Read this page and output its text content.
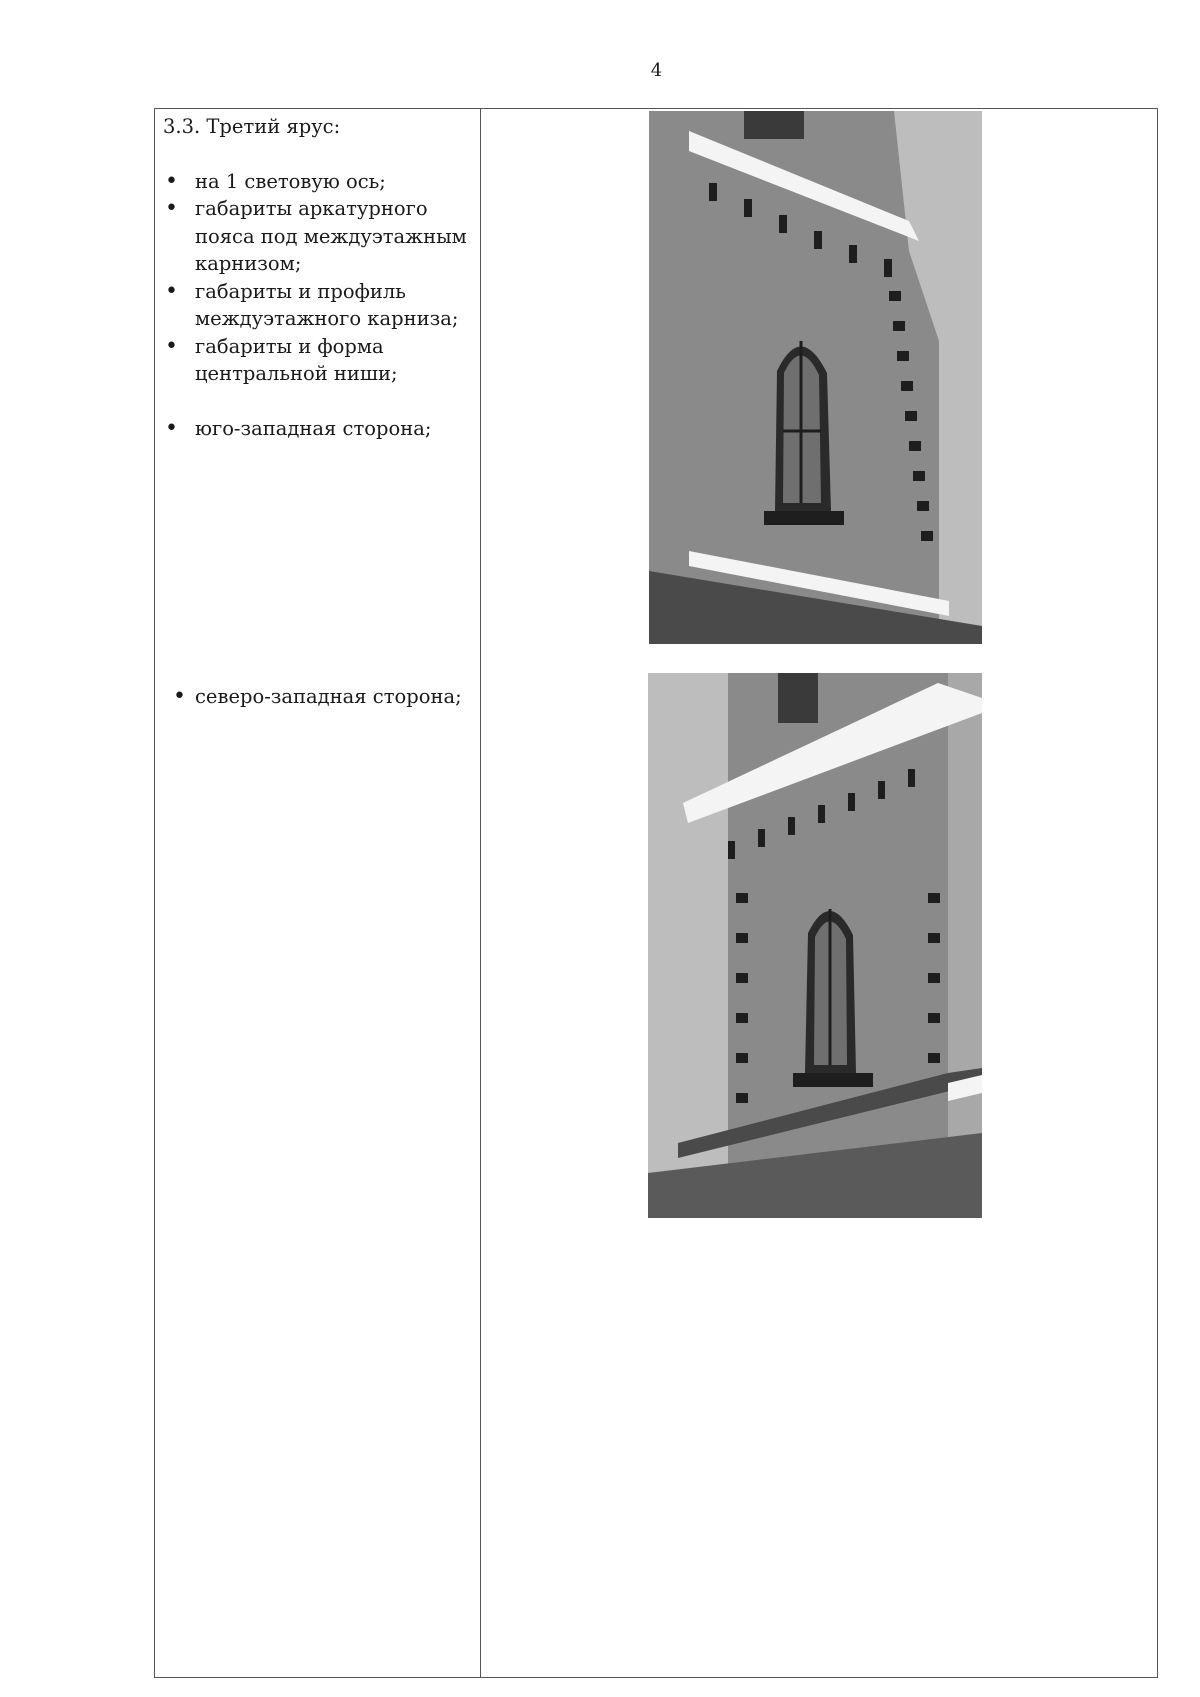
4

3.3. Третий ярус:

• на 1 световую ось;
• габариты аркатурного пояса под междуэтажным карнизом;
• габариты и профиль междуэтажного карниза;
• габариты и форма центральной ниши;
• юго-западная сторона;
• северо-западная сторона;
